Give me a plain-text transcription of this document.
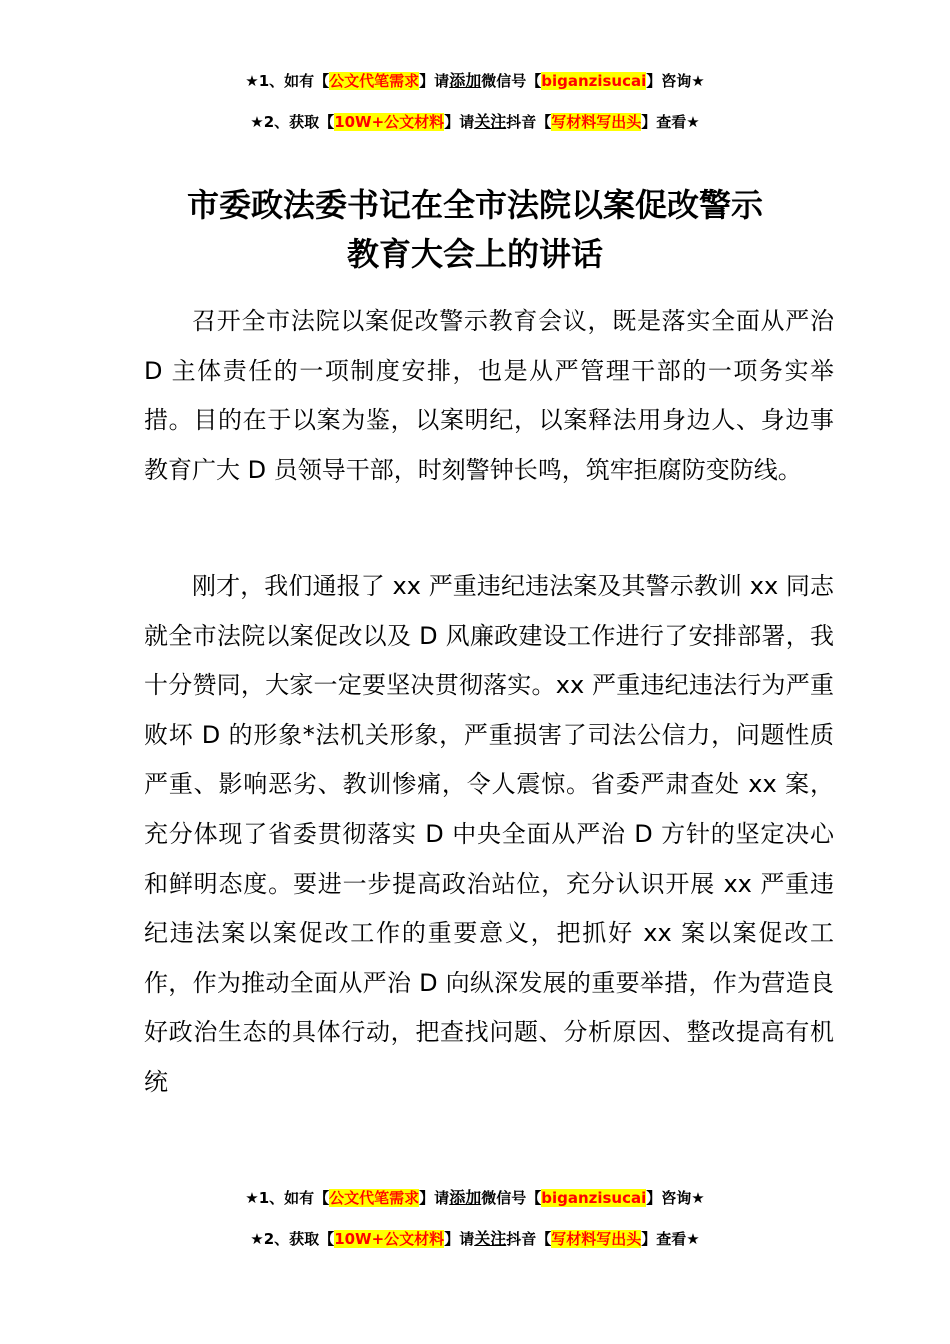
★1、如有【公文代笔需求】请添加微信号【biganzisucai】咨询★
★2、获取【10W+公文材料】请关注抖音【写材料写出头】查看★
市委政法委书记在全市法院以案促改警示
教育大会上的讲话

召开全市法院以案促改警示教育会议，既是落实全面从严治 D 主体责任的一项制度安排，也是从严管理干部的一项务实举措。目的在于以案为鉴，以案明纪，以案释法用身边人、身边事教育广大 D 员领导干部，时刻警钟长鸣，筑牢拒腐防变防线。

刚才，我们通报了 xx 严重违纪违法案及其警示教训 xx 同志就全市法院以案促改以及 D 风廉政建设工作进行了安排部署，我十分赞同，大家一定要坚决贯彻落实。xx 严重违纪违法行为严重败坏 D 的形象*法机关形象，严重损害了司法公信力，问题性质严重、影响恶劣、教训惨痛，令人震惊。省委严肃查处 xx 案，充分体现了省委贯彻落实 D 中央全面从严治 D 方针的坚定决心和鲜明态度。要进一步提高政治站位，充分认识开展 xx 严重违纪违法案以案促改工作的重要意义，把抓好 xx 案以案促改工作，作为推动全面从严治 D 向纵深发展的重要举措，作为营造良好政治生态的具体行动，把查找问题、分析原因、整改提高有机统

★1、如有【公文代笔需求】请添加微信号【biganzisucai】咨询★
★2、获取【10W+公文材料】请关注抖音【写材料写出头】查看★
